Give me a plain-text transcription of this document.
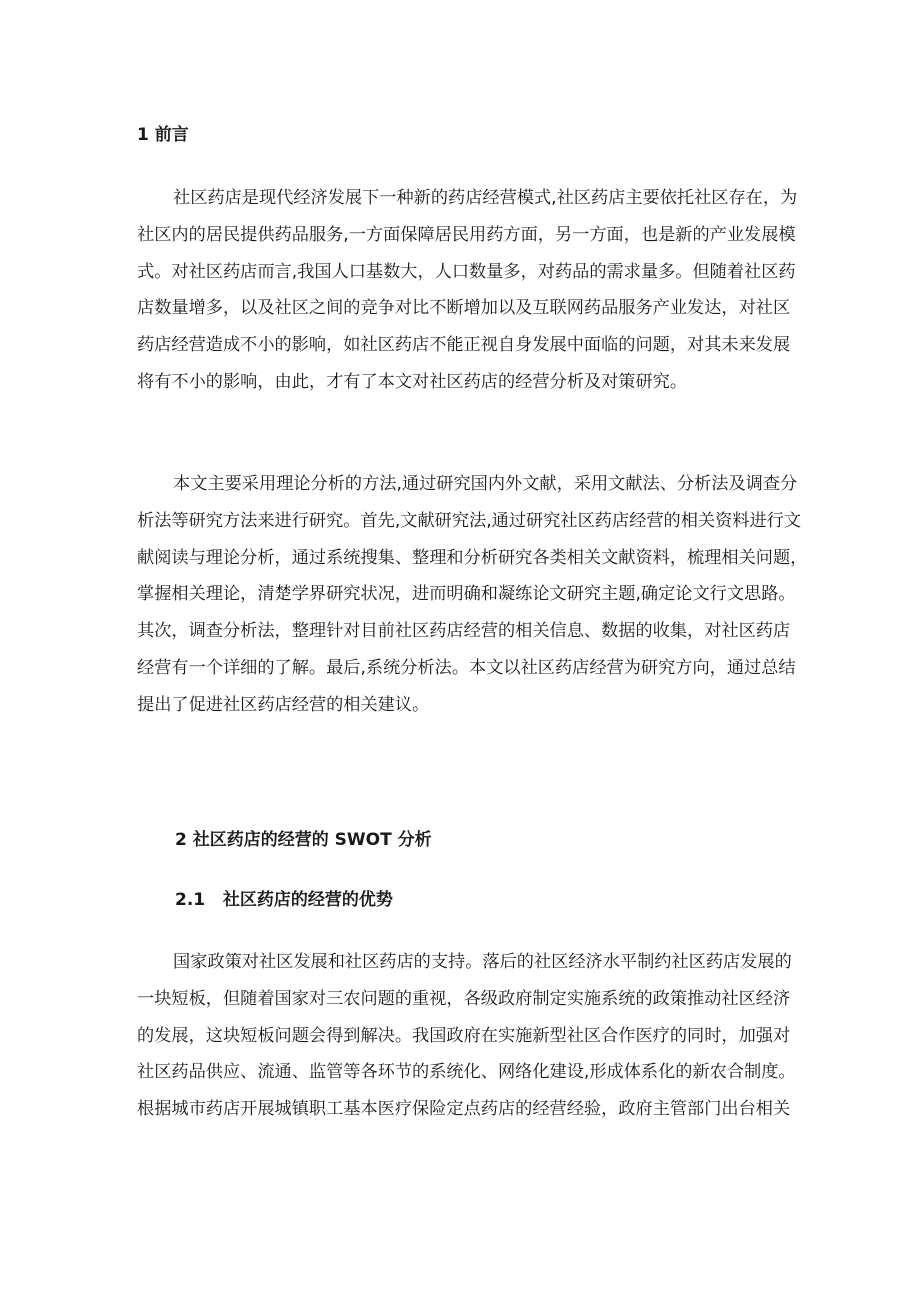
1 前言

社区药店是现代经济发展下一种新的药店经营模式,社区药店主要依托社区存在，为
社区内的居民提供药品服务,一方面保障居民用药方面，另一方面，也是新的产业发展模
式。对社区药店而言,我国人口基数大，人口数量多，对药品的需求量多。但随着社区药
店数量增多，以及社区之间的竞争对比不断增加以及互联网药品服务产业发达，对社区
药店经营造成不小的影响，如社区药店不能正视自身发展中面临的问题，对其未来发展
将有不小的影响，由此，才有了本文对社区药店的经营分析及对策研究。

本文主要采用理论分析的方法,通过研究国内外文献，采用文献法、分析法及调查分
析法等研究方法来进行研究。首先,文献研究法,通过研究社区药店经营的相关资料进行文
献阅读与理论分析，通过系统搜集、整理和分析研究各类相关文献资料，梳理相关问题，
掌握相关理论，清楚学界研究状况，进而明确和凝练论文研究主题,确定论文行文思路。
其次，调查分析法，整理针对目前社区药店经营的相关信息、数据的收集，对社区药店
经营有一个详细的了解。最后,系统分析法。本文以社区药店经营为研究方向，通过总结
提出了促进社区药店经营的相关建议。

2 社区药店的经营的 SWOT 分析
2.1   社区药店的经营的优势

国家政策对社区发展和社区药店的支持。落后的社区经济水平制约社区药店发展的
一块短板，但随着国家对三农问题的重视，各级政府制定实施系统的政策推动社区经济
的发展，这块短板问题会得到解决。我国政府在实施新型社区合作医疗的同时，加强对
社区药品供应、流通、监管等各环节的系统化、网络化建设,形成体系化的新农合制度。
根据城市药店开展城镇职工基本医疗保险定点药店的经营经验，政府主管部门出台相关
